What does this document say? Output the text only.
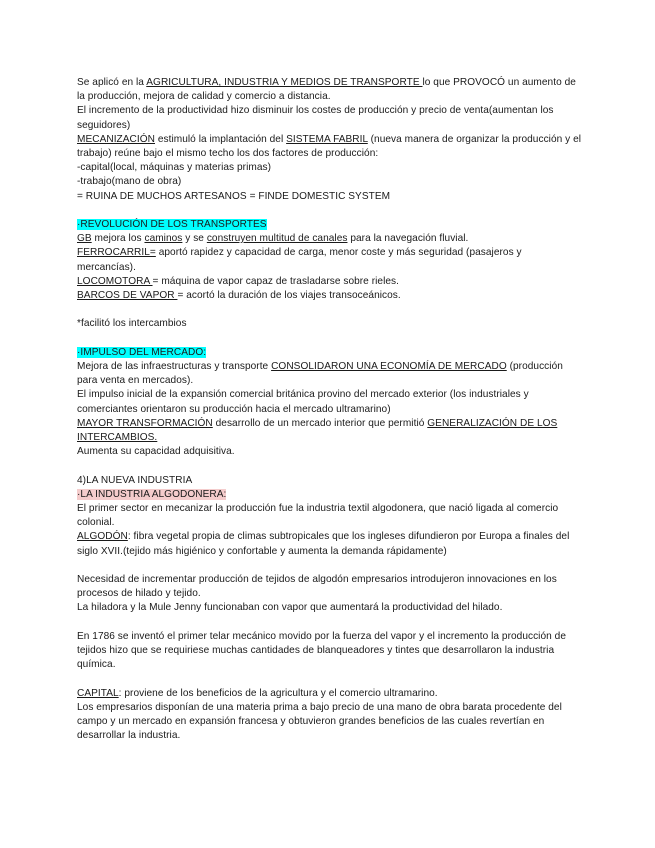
Se aplicó en la AGRICULTURA, INDUSTRIA Y MEDIOS DE TRANSPORTE lo que PROVOCÓ un aumento de la producción, mejora de calidad y comercio a distancia.

El incremento de la productividad hizo disminuir los costes de producción y precio de venta(aumentan los seguidores)

MECANIZACIÓN estimuló la implantación del SISTEMA FABRIL (nueva manera de organizar la producción y el trabajo) reúne bajo el mismo techo los dos factores de producción:

-capital(local, máquinas y materias primas)

-trabajo(mano de obra)

= RUINA DE MUCHOS ARTESANOS = FINDE DOMESTIC SYSTEM

·REVOLUCIÓN DE LOS TRANSPORTES

GB mejora los caminos y se construyen multitud de canales para la navegación fluvial.

FERROCARRIL= aportó rapidez y capacidad de carga, menor coste y más seguridad (pasajeros y mercancías).

LOCOMOTORA = máquina de vapor capaz de trasladarse sobre rieles.

BARCOS DE VAPOR = acortó la duración de los viajes transoceánicos.

*facilitó los intercambios

·IMPULSO DEL MERCADO:

Mejora de las infraestructuras y transporte CONSOLIDARON UNA ECONOMÍA DE MERCADO (producción para venta en mercados).

El impulso inicial de la expansión comercial británica provino del mercado exterior (los industriales y comerciantes orientaron su producción hacia el mercado ultramarino)

MAYOR TRANSFORMACIÓN desarrollo de un mercado interior que permitió GENERALIZACIÓN DE LOS INTERCAMBIOS.

Aumenta su capacidad adquisitiva.

4)LA NUEVA INDUSTRIA

·LA INDUSTRIA ALGODONERA:

El primer sector en mecanizar la producción fue la industria textil algodonera, que nació ligada al comercio colonial.

ALGODÓN: fibra vegetal propia de climas subtropicales que los ingleses difundieron por Europa a finales del siglo XVII.(tejido más higiénico y confortable y aumenta la demanda rápidamente)

Necesidad de incrementar producción de tejidos de algodón empresarios introdujeron innovaciones en los procesos de hilado y tejido.

La hiladora y la Mule Jenny funcionaban con vapor que aumentará la productividad del hilado.

En 1786 se inventó el primer telar mecánico movido por la fuerza del vapor y el incremento la producción de tejidos hizo que se requiriese muchas cantidades de blanqueadores y tintes que desarrollaron la industria química.

CAPITAL: proviene de los beneficios de la agricultura y el comercio ultramarino.

Los empresarios disponían de una materia prima a bajo precio de una mano de obra barata procedente del campo y un mercado en expansión francesa y obtuvieron grandes beneficios de las cuales revertían en desarrollar la industria.
